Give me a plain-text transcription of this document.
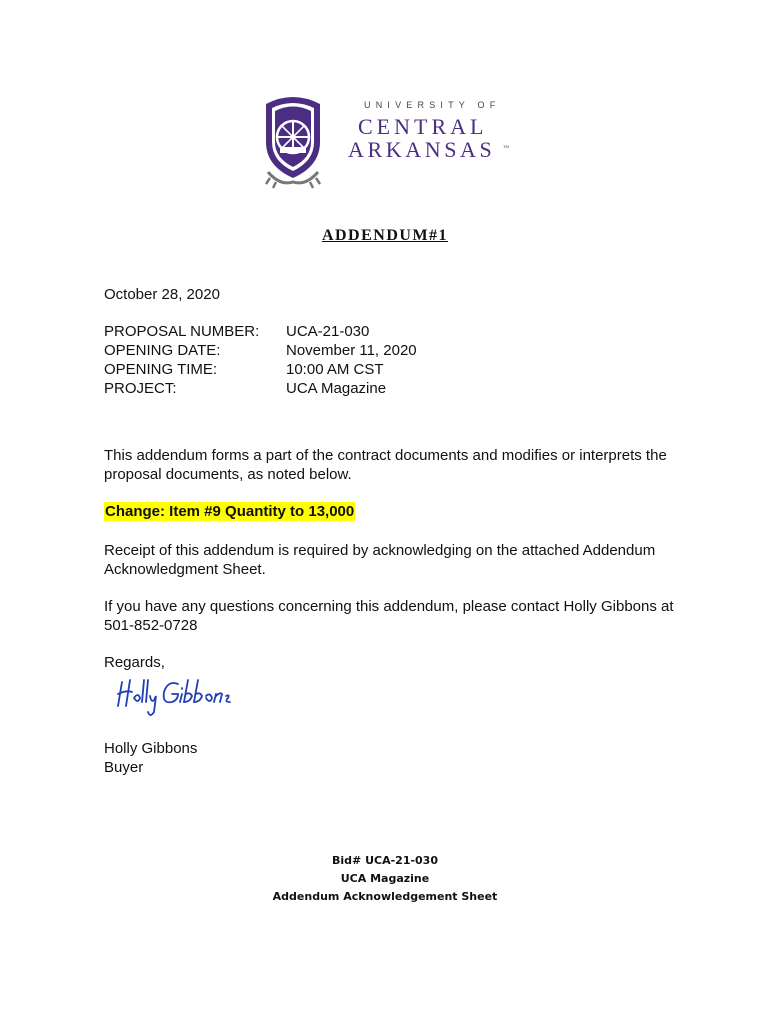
UNIVERSITY OF
CENTRAL
ARKANSAS	TM
ADDENDUM#1
October 28, 2020
PROPOSAL NUMBER:	UCA-21-030
OPENING DATE:	November 11, 2020
OPENING TIME:	10:00 AM CST
PROJECT:	UCA Magazine
This addendum forms a part of the contract documents and modifies or interprets the proposal documents, as noted below.
Change: Item #9 Quantity to 13,000
Receipt of this addendum is required by acknowledging on the attached Addendum Acknowledgment Sheet.
If you have any questions concerning this addendum, please contact Holly Gibbons at 501-852-0728
Regards,
Holly Gibbons
Buyer
Bid# UCA-21-030
UCA Magazine
Addendum Acknowledgement Sheet
